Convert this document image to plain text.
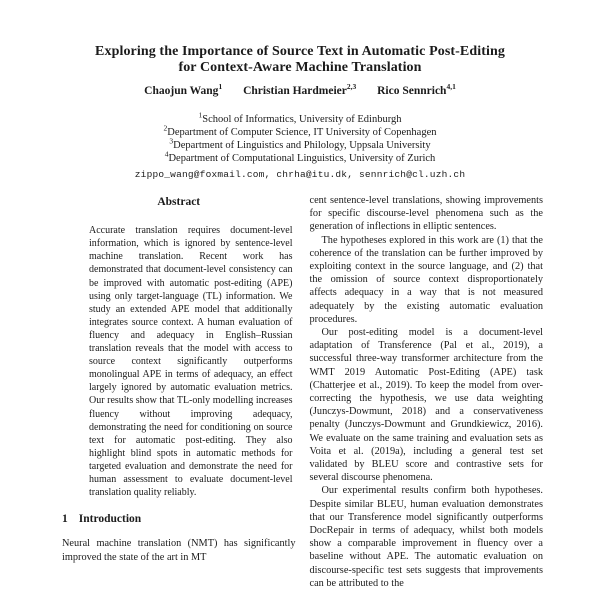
Exploring the Importance of Source Text in Automatic Post-Editing
for Context-Aware Machine Translation
Chaojun Wang$^1$ Christian Hardmeier$^{2,3}$ Rico Sennrich$^{4,1}$
$^1$School of Informatics, University of Edinburgh
$^2$Department of Computer Science, IT University of Copenhagen
$^3$Department of Linguistics and Philology, Uppsala University
$^4$Department of Computational Linguistics, University of Zurich
zippo_wang@foxmail.com, chrha@itu.dk, sennrich@cl.uzh.ch
Abstract
Accurate translation requires document-level information, which is ignored by sentence-level machine translation. Recent work has demonstrated that document-level consistency can be improved with automatic post-editing (APE) using only target-language (TL) information. We study an extended APE model that additionally integrates source context. A human evaluation of fluency and adequacy in English–Russian translation reveals that the model with access to source context significantly outperforms monolingual APE in terms of adequacy, an effect largely ignored by automatic evaluation metrics. Our results show that TL-only modelling increases fluency without improving adequacy, demonstrating the need for conditioning on source text for automatic post-editing. They also highlight blind spots in automatic methods for targeted evaluation and demonstrate the need for human assessment to evaluate document-level translation quality reliably.
1 Introduction

Neural machine translation (NMT) has significantly improved the state of the art in MT

cent sentence-level translations, showing improvements for specific discourse-level phenomena such as the generation of inflections in elliptic sentences.

The hypotheses explored in this work are (1) that the coherence of the translation can be further improved by exploiting context in the source language, and (2) that the omission of source context disproportionately affects adequacy in a way that is not measured adequately by the existing automatic evaluation procedures.

Our post-editing model is a document-level adaptation of Transference (Pal et al., 2019), a successful three-way transformer architecture from the WMT 2019 Automatic Post-Editing (APE) task (Chatterjee et al., 2019). To keep the model from over-correcting the hypothesis, we use data weighting (Junczys-Dowmunt, 2018) and a conservativeness penalty (Junczys-Dowmunt and Grundkiewicz, 2016). We evaluate on the same training and evaluation sets as Voita et al. (2019a), including a general test set validated by BLEU score and contrastive sets for several discourse phenomena.

Our experimental results confirm both hypotheses. Despite similar BLEU, human evaluation demonstrates that our Transference model significantly outperforms DocRepair in terms of adequacy, whilst both models show a comparable improvement in fluency over a baseline without APE. The automatic evaluation on discourse-specific test sets suggests that improvements can be attributed to the
